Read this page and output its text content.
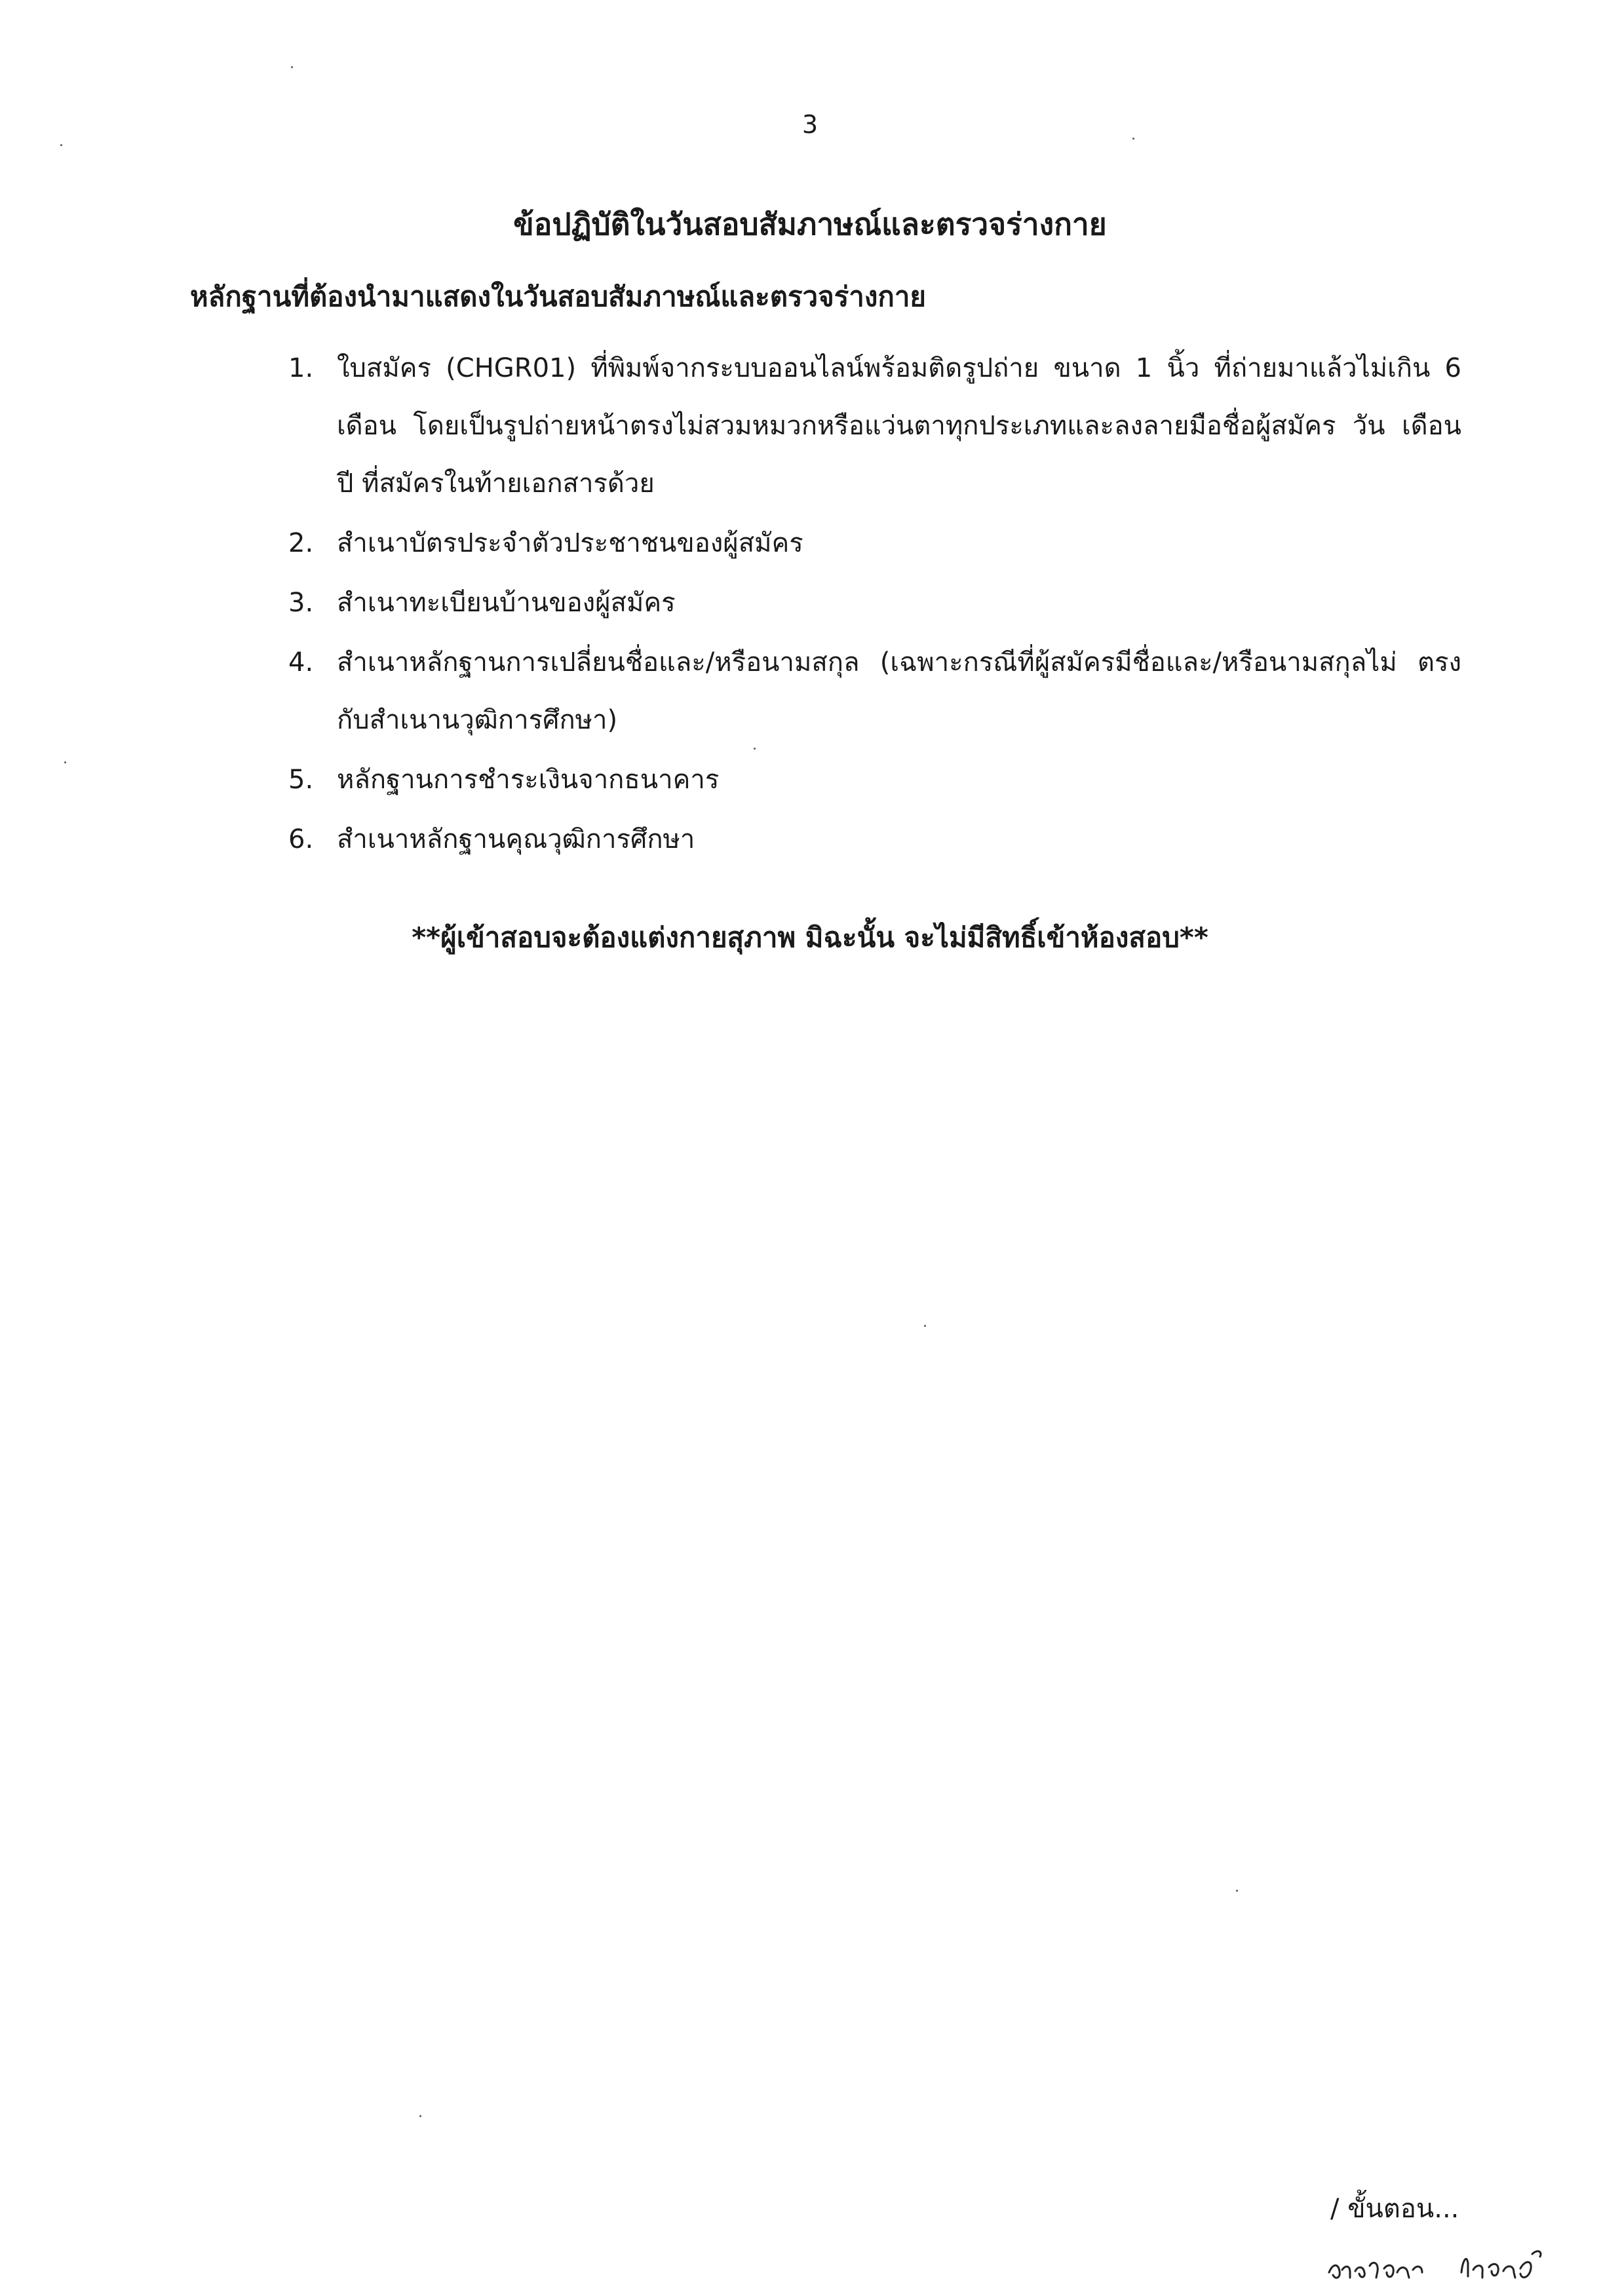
3
ข้อปฏิบัติในวันสอบสัมภาษณ์และตรวจร่างกาย
หลักฐานที่ต้องนำมาแสดงในวันสอบสัมภาษณ์และตรวจร่างกาย
1. ใบสมัคร (CHGR01) ที่พิมพ์จากระบบออนไลน์พร้อมติดรูปถ่าย ขนาด 1 นิ้ว ที่ถ่ายมาแล้วไม่เกิน 6 เดือน โดยเป็นรูปถ่ายหน้าตรงไม่สวมหมวกหรือแว่นตาทุกประเภทและลงลายมือชื่อผู้สมัคร วัน เดือน ปี ที่สมัครในท้ายเอกสารด้วย
2. สำเนาบัตรประจำตัวประชาชนของผู้สมัคร
3. สำเนาทะเบียนบ้านของผู้สมัคร
4. สำเนาหลักฐานการเปลี่ยนชื่อและ/หรือนามสกุล (เฉพาะกรณีที่ผู้สมัครมีชื่อและ/หรือนามสกุลไม่ ตรงกับสำเนานวุฒิการศึกษา)
5. หลักฐานการชำระเงินจากธนาคาร
6. สำเนาหลักฐานคุณวุฒิการศึกษา
**ผู้เข้าสอบจะต้องแต่งกายสุภาพ มิฉะนั้น จะไม่มีสิทธิ์เข้าห้องสอบ**
/ ขั้นตอน...
